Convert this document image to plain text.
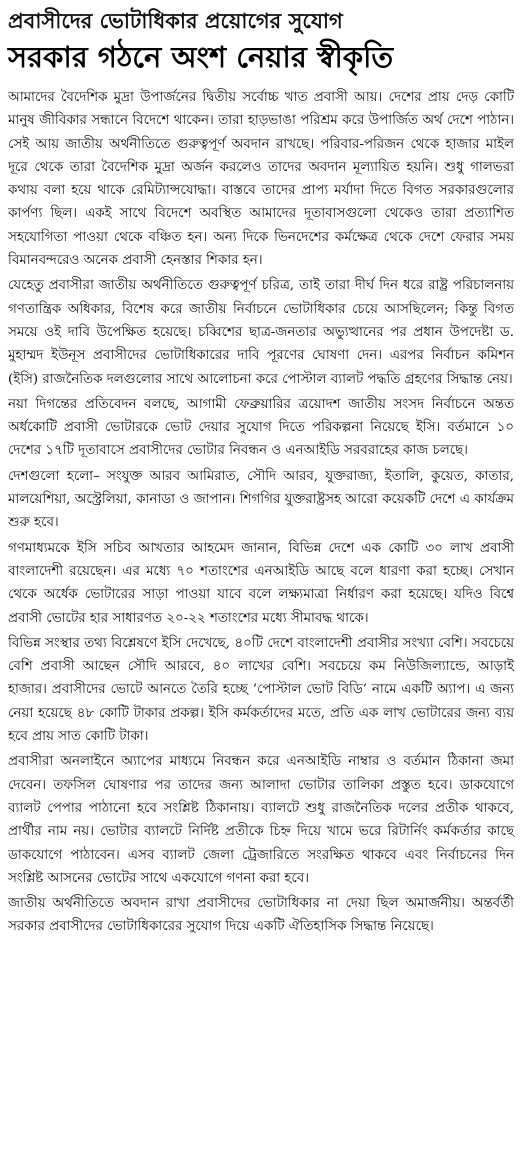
প্রবাসীদের ভোটাধিকার প্রয়োগের সুযোগ
সরকার গঠনে অংশ নেয়ার স্বীকৃতি

আমাদের বৈদেশিক মুদ্রা উপার্জনের দ্বিতীয় সর্বোচ্চ খাত প্রবাসী আয়। দেশের প্রায় দেড় কোটি মানুষ জীবিকার সন্ধানে বিদেশে থাকেন। তারা হাড়ভাঙা পরিশ্রম করে উপার্জিত অর্থ দেশে পাঠান। সেই আয় জাতীয় অর্থনীতিতে গুরুত্বপূর্ণ অবদান রাখছে। পরিবার-পরিজন থেকে হাজার মাইল দূরে থেকে তারা বৈদেশিক মুদ্রা অর্জন করলেও তাদের অবদান মূল্যায়িত হয়নি। শুধু গালভরা কথায় বলা হয়ে থাকে রেমিট্যান্সযোদ্ধা। বাস্তবে তাদের প্রাপ্য মর্যাদা দিতে বিগত সরকারগুলোর কার্পণ্য ছিল। একই সাথে বিদেশে অবস্থিত আমাদের দূতাবাসগুলো থেকেও তারা প্রত্যাশিত সহযোগিতা পাওয়া থেকে বঞ্চিত হন। অন্য দিকে ভিনদেশের কর্মক্ষেত্র থেকে দেশে ফেরার সময় বিমানবন্দরেও অনেক প্রবাসী হেনস্তার শিকার হন।

যেহেতু প্রবাসীরা জাতীয় অর্থনীতিতে গুরুত্বপূর্ণ চরিত্র, তাই তারা দীর্ঘ দিন ধরে রাষ্ট্র পরিচালনায় গণতান্ত্রিক অধিকার, বিশেষ করে জাতীয় নির্বাচনে ভোটাধিকার চেয়ে আসছিলেন; কিন্তু বিগত সময়ে ওই দাবি উপেক্ষিত হয়েছে। চব্বিশের ছাত্র-জনতার অভ্যুত্থানের পর প্রধান উপদেষ্টা ড. মুহাম্মদ ইউনূস প্রবাসীদের ভোটাধিকারের দাবি পূরণের ঘোষণা দেন। এরপর নির্বাচন কমিশন (ইসি) রাজনৈতিক দলগুলোর সাথে আলোচনা করে পোস্টাল ব্যালট পদ্ধতি গ্রহণের সিদ্ধান্ত নেয়।

নয়া দিগন্তের প্রতিবেদন বলছে, আগামী ফেব্রুয়ারির ত্রয়োদশ জাতীয় সংসদ নির্বাচনে অন্তত অর্ধকোটি প্রবাসী ভোটারকে ভোট দেয়ার সুযোগ দিতে পরিকল্পনা নিয়েছে ইসি। বর্তমানে ১০ দেশের ১৭টি দূতাবাসে প্রবাসীদের ভোটার নিবন্ধন ও এনআইডি সরবরাহের কাজ চলছে।

দেশগুলো হলো– সংযুক্ত আরব আমিরাত, সৌদি আরব, যুক্তরাজ্য, ইতালি, কুয়েত, কাতার, মালয়েশিয়া, অস্ট্রেলিয়া, কানাডা ও জাপান। শিগগির যুক্তরাষ্ট্রসহ আরো কয়েকটি দেশে এ কার্যক্রম শুরু হবে।

গণমাধ্যমকে ইসি সচিব আখতার আহমেদ জানান, বিভিন্ন দেশে এক কোটি ৩০ লাখ প্রবাসী বাংলাদেশী রয়েছেন। এর মধ্যে ৭০ শতাংশের এনআইডি আছে বলে ধারণা করা হচ্ছে। সেখান থেকে অর্ধেক ভোটারের সাড়া পাওয়া যাবে বলে লক্ষ্যমাত্রা নির্ধারণ করা হয়েছে। যদিও বিশ্বে প্রবাসী ভোটের হার সাধারণত ২০-২২ শতাংশের মধ্যে সীমাবদ্ধ থাকে।

বিভিন্ন সংস্থার তথ্য বিশ্লেষণে ইসি দেখেছে, ৪০টি দেশে বাংলাদেশী প্রবাসীর সংখ্যা বেশি। সবচেয়ে বেশি প্রবাসী আছেন সৌদি আরবে, ৪০ লাখের বেশি। সবচেয়ে কম নিউজিল্যান্ডে, আড়াই হাজার। প্রবাসীদের ভোটে আনতে তৈরি হচ্ছে ‘পোস্টাল ভোট বিডি’ নামে একটি অ্যাপ। এ জন্য নেয়া হয়েছে ৪৮ কোটি টাকার প্রকল্প। ইসি কর্মকর্তাদের মতে, প্রতি এক লাখ ভোটারের জন্য ব্যয় হবে প্রায় সাত কোটি টাকা।

প্রবাসীরা অনলাইনে অ্যাপের মাধ্যমে নিবন্ধন করে এনআইডি নাম্বার ও বর্তমান ঠিকানা জমা দেবেন। তফসিল ঘোষণার পর তাদের জন্য আলাদা ভোটার তালিকা প্রস্তুত হবে। ডাকযোগে ব্যালট পেপার পাঠানো হবে সংশ্লিষ্ট ঠিকানায়। ব্যালটে শুধু রাজনৈতিক দলের প্রতীক থাকবে, প্রার্থীর নাম নয়। ভোটার ব্যালটে নির্দিষ্ট প্রতীকে চিহ্ন দিয়ে খামে ভরে রিটার্নিং কর্মকর্তার কাছে ডাকযোগে পাঠাবেন। এসব ব্যালট জেলা ট্রেজারিতে সংরক্ষিত থাকবে এবং নির্বাচনের দিন সংশ্লিষ্ট আসনের ভোটের সাথে একযোগে গণনা করা হবে।

জাতীয় অর্থনীতিতে অবদান রাখা প্রবাসীদের ভোটাধিকার না দেয়া ছিল অমার্জনীয়। অন্তর্বর্তী সরকার প্রবাসীদের ভোটাধিকারের সুযোগ দিয়ে একটি ঐতিহাসিক সিদ্ধান্ত নিয়েছে।
